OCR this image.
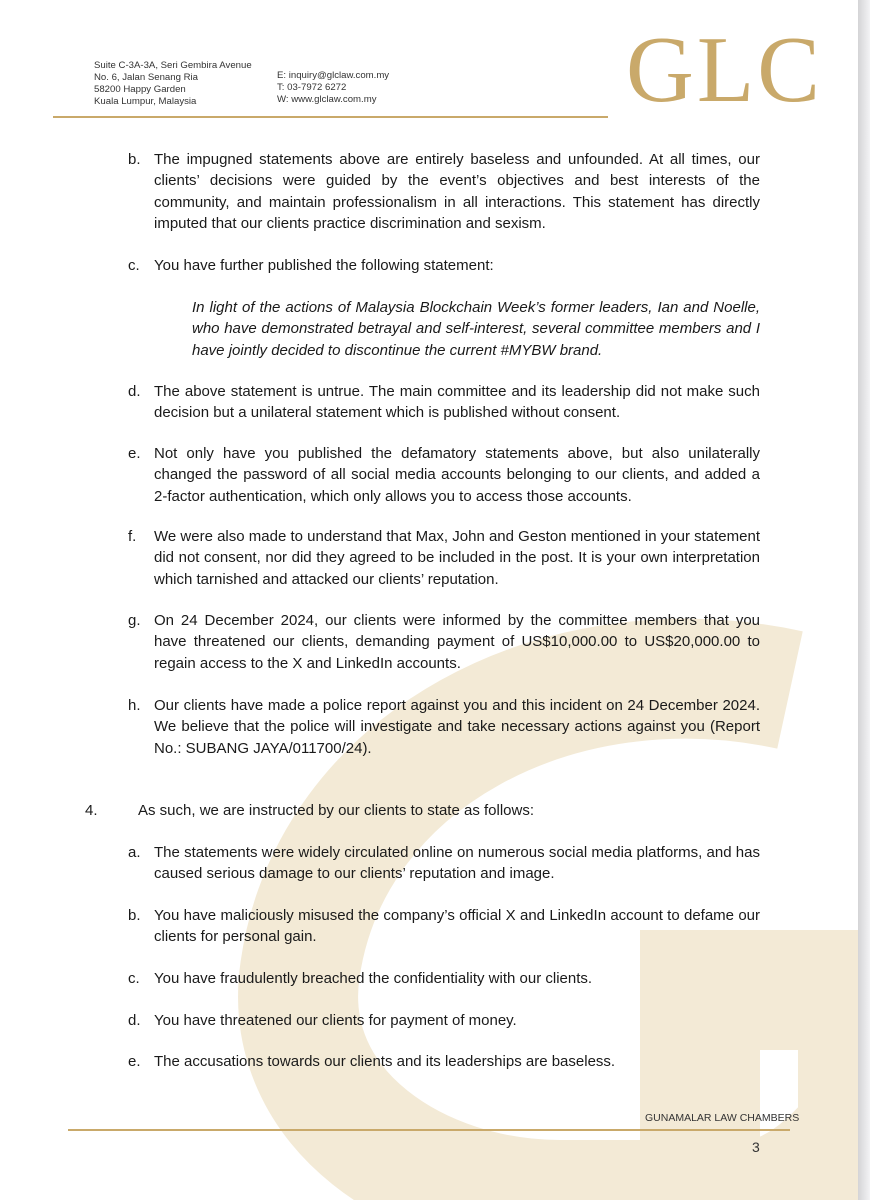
Suite C-3A-3A, Seri Gembira Avenue
No. 6, Jalan Senang Ria
58200 Happy Garden
Kuala Lumpur, Malaysia
E: inquiry@glclaw.com.my
T: 03-7972 6272
W: www.glclaw.com.my	GLC
b. The impugned statements above are entirely baseless and unfounded. At all times, our clients’ decisions were guided by the event’s objectives and best interests of the community, and maintain professionalism in all interactions. This statement has directly imputed that our clients practice discrimination and sexism.
c. You have further published the following statement:
In light of the actions of Malaysia Blockchain Week’s former leaders, Ian and Noelle, who have demonstrated betrayal and self-interest, several committee members and I have jointly decided to discontinue the current #MYBW brand.
d. The above statement is untrue. The main committee and its leadership did not make such decision but a unilateral statement which is published without consent.
e. Not only have you published the defamatory statements above, but also unilaterally changed the password of all social media accounts belonging to our clients, and added a 2-factor authentication, which only allows you to access those accounts.
f. We were also made to understand that Max, John and Geston mentioned in your statement did not consent, nor did they agreed to be included in the post. It is your own interpretation which tarnished and attacked our clients’ reputation.
g. On 24 December 2024, our clients were informed by the committee members that you have threatened our clients, demanding payment of US$10,000.00 to US$20,000.00 to regain access to the X and LinkedIn accounts.
h. Our clients have made a police report against you and this incident on 24 December 2024. We believe that the police will investigate and take necessary actions against you (Report No.: SUBANG JAYA/011700/24).
4.	As such, we are instructed by our clients to state as follows:
a. The statements were widely circulated online on numerous social media platforms, and has caused serious damage to our clients’ reputation and image.
b. You have maliciously misused the company’s official X and LinkedIn account to defame our clients for personal gain.
c. You have fraudulently breached the confidentiality with our clients.
d. You have threatened our clients for payment of money.
e. The accusations towards our clients and its leaderships are baseless.
GUNAMALAR LAW CHAMBERS
3
